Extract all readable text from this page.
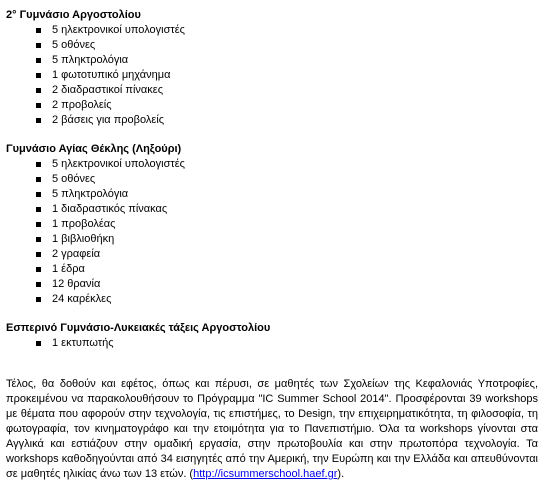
2° Γυμνάσιο Αργοστολίου
5 ηλεκτρονικοί υπολογιστές
5 οθόνες
5 πληκτρολόγια
1 φωτοτυπικό μηχάνημα
2 διαδραστικοί πίνακες
2 προβολείς
2 βάσεις για προβολείς
Γυμνάσιο Αγίας Θέκλης (Ληξούρι)
5 ηλεκτρονικοί υπολογιστές
5 οθόνες
5 πληκτρολόγια
1 διαδραστικός πίνακας
1 προβολέας
1 βιβλιοθήκη
2 γραφεία
1 έδρα
12 θρανία
24 καρέκλες
Εσπερινό Γυμνάσιο-Λυκειακές τάξεις Αργοστολίου
1 εκτυπωτής

Τέλος, θα δοθούν και εφέτος, όπως και πέρυσι, σε μαθητές των Σχολείων της Κεφαλονιάς Υποτροφίες, προκειμένου να παρακολουθήσουν το Πρόγραμμα "IC Summer School 2014". Προσφέρονται 39 workshops με θέματα που αφορούν στην τεχνολογία, τις επιστήμες, το Design, την επιχειρηματικότητα, τη φιλοσοφία, τη φωτογραφία, τον κινηματογράφο και την ετοιμότητα για το Πανεπιστήμιο. Όλα τα workshops γίνονται στα Αγγλικά και εστιάζουν στην ομαδική εργασία, στην πρωτοβουλία και στην πρωτοπόρα τεχνολογία. Τα workshops καθοδηγούνται από 34 εισηγητές από την Αμερική, την Ευρώπη και την Ελλάδα και απευθύνονται σε μαθητές ηλικίας άνω των 13 ετών. (http://icsummerschool.haef.gr).
